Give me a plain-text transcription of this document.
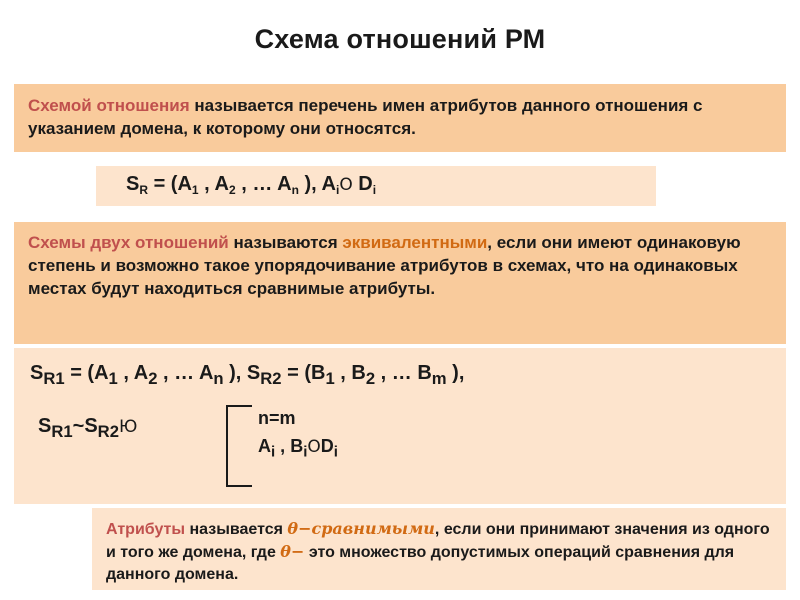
Схема отношений РМ
Схемой отношения называется перечень имен атрибутов данного отношения с указанием домена, к которому они относятся.
$S_R = (A_1$ , $A_2$ , … $A_n$ ), $A_iО$ $D_i$
Схемы двух отношений называются эквивалентными, если они имеют одинаковую степень и возможно такое упорядочивание атрибутов в схемах, что на одинаковых местах будут находиться сравнимые атрибуты.
$S_{R1} = (A_1$ , $A_2$ , … $A_n$ ), $S_{R2} = (B_1$ , $B_2$ , … $B_m$ ),
$S_{R1}\sim S_{R2}Ю$	n=m
$A_i$ , $B_iОD_i$
Атрибуты называется θ−сравнимыми, если они принимают значения из одного и того же домена, где θ− это множество допустимых операций сравнения для данного домена.
